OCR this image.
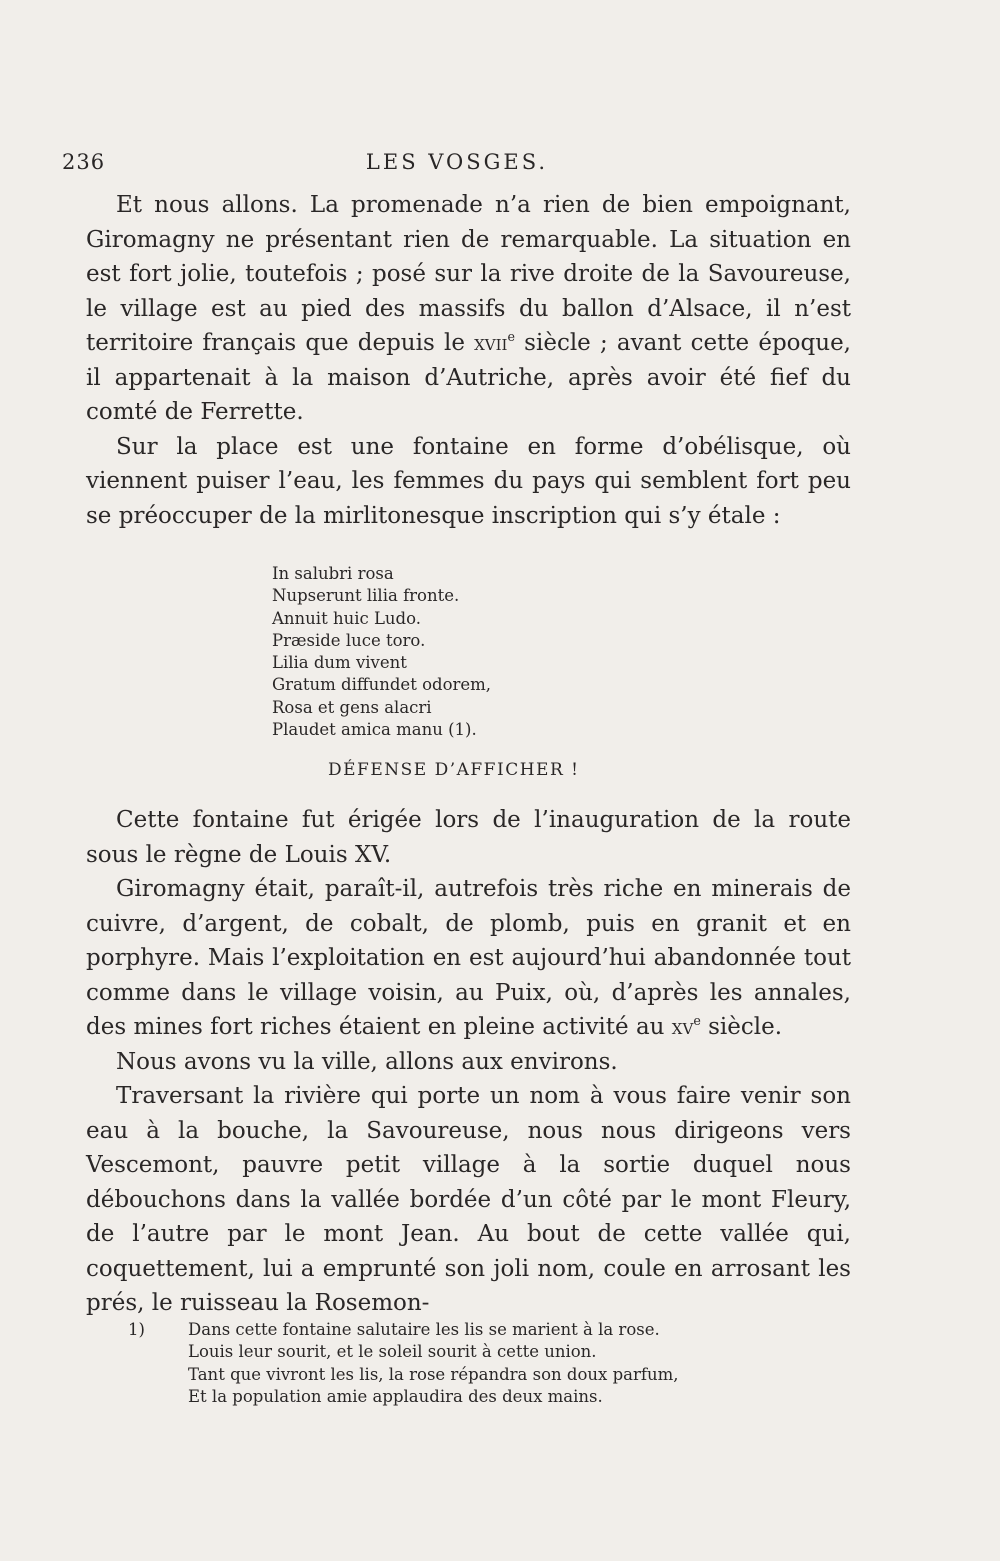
236	LES VOSGES.

Et nous allons. La promenade n’a rien de bien empoignant, Giromagny ne présentant rien de remarquable. La situation en est fort jolie, toutefois ; posé sur la rive droite de la Savoureuse, le village est au pied des massifs du ballon d’Alsace, il n’est territoire français que depuis le xvii$^e$ siècle ; avant cette époque, il appartenait à la maison d’Autriche, après avoir été fief du comté de Ferrette.

Sur la place est une fontaine en forme d’obélisque, où viennent puiser l’eau, les femmes du pays qui semblent fort peu se préoccuper de la mirlitonesque inscription qui s’y étale :

In salubri rosa
Nupserunt lilia fronte.
Annuit huic Ludo.
Præside luce toro.
Lilia dum vivent
Gratum diffundet odorem,
Rosa et gens alacri
Plaudet amica manu (1).
DÉFENSE D’AFFICHER !

Cette fontaine fut érigée lors de l’inauguration de la route sous le règne de Louis XV.

Giromagny était, paraît-il, autrefois très riche en minerais de cuivre, d’argent, de cobalt, de plomb, puis en granit et en porphyre. Mais l’exploitation en est aujourd’hui abandonnée tout comme dans le village voisin, au Puix, où, d’après les annales, des mines fort riches étaient en pleine activité au $xv^e$ siècle.

Nous avons vu la ville, allons aux environs.

Traversant la rivière qui porte un nom à vous faire venir son eau à la bouche, la Savoureuse, nous nous dirigeons vers Vescemont, pauvre petit village à la sortie duquel nous débouchons dans la vallée bordée d’un côté par le mont Fleury, de l’autre par le mont Jean. Au bout de cette vallée qui, coquettement, lui a emprunté son joli nom, coule en arrosant les prés, le ruisseau la Rosemon-

1)	Dans cette fontaine salutaire les lis se marient à la rose.
Louis leur sourit, et le soleil sourit à cette union.
Tant que vivront les lis, la rose répandra son doux parfum,
Et la population amie applaudira des deux mains.
